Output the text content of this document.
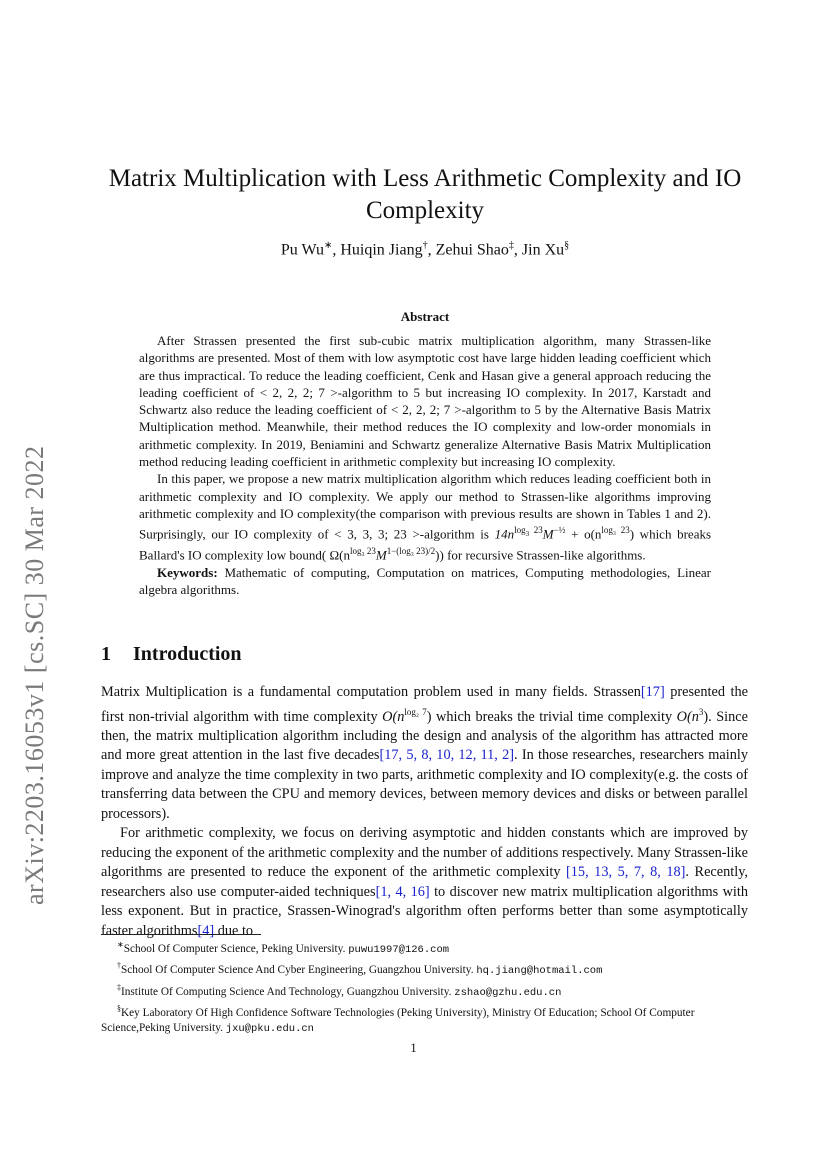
arXiv:2203.16053v1 [cs.SC] 30 Mar 2022
Matrix Multiplication with Less Arithmetic Complexity and IO Complexity
Pu Wu∗, Huiqin Jiang†, Zehui Shao‡, Jin Xu§
Abstract

After Strassen presented the first sub-cubic matrix multiplication algorithm, many Strassen-like algorithms are presented. Most of them with low asymptotic cost have large hidden leading coefficient which are thus impractical. To reduce the leading coefficient, Cenk and Hasan give a general approach reducing the leading coefficient of < 2, 2, 2; 7 >-algorithm to 5 but increasing IO complexity. In 2017, Karstadt and Schwartz also reduce the leading coefficient of < 2, 2, 2; 7 >-algorithm to 5 by the Alternative Basis Matrix Multiplication method. Meanwhile, their method reduces the IO complexity and low-order monomials in arithmetic complexity. In 2019, Beniamini and Schwartz generalize Alternative Basis Matrix Multiplication method reducing leading coefficient in arithmetic complexity but increasing IO complexity.

In this paper, we propose a new matrix multiplication algorithm which reduces leading coefficient both in arithmetic complexity and IO complexity. We apply our method to Strassen-like algorithms improving arithmetic complexity and IO complexity(the comparison with previous results are shown in Tables 1 and 2). Surprisingly, our IO complexity of < 3, 3, 3; 23 >-algorithm is $14n^{log_3 23}M^{-\frac{1}{2}} + o(n^{log_3 23})$ which breaks Ballard's IO complexity low bound( $\Omega(n^{log_3 23}M^{1-(log_3 23)/2})$) for recursive Strassen-like algorithms.

Keywords: Mathematic of computing, Computation on matrices, Computing methodologies, Linear algebra algorithms.

1 Introduction

Matrix Multiplication is a fundamental computation problem used in many fields. Strassen[17] presented the first non-trivial algorithm with time complexity $O(n^{log_2 7})$ which breaks the trivial time complexity $O(n^3)$. Since then, the matrix multiplication algorithm including the design and analysis of the algorithm has attracted more and more great attention in the last five decades[17, 5, 8, 10, 12, 11, 2]. In those researches, researchers mainly improve and analyze the time complexity in two parts, arithmetic complexity and IO complexity(e.g. the costs of transferring data between the CPU and memory devices, between memory devices and disks or between parallel processors).

For arithmetic complexity, we focus on deriving asymptotic and hidden constants which are improved by reducing the exponent of the arithmetic complexity and the number of additions respectively. Many Strassen-like algorithms are presented to reduce the exponent of the arithmetic complexity [15, 13, 5, 7, 8, 18]. Recently, researchers also use computer-aided techniques[1, 4, 16] to discover new matrix multiplication algorithms with less exponent. But in practice, Srassen-Winograd's algorithm often performs better than some asymptotically faster algorithms[4] due to

∗School Of Computer Science, Peking University. puwu1997@126.com
†School Of Computer Science And Cyber Engineering, Guangzhou University. hq.jiang@hotmail.com
‡Institute Of Computing Science And Technology, Guangzhou University. zshao@gzhu.edu.cn
§Key Laboratory Of High Confidence Software Technologies (Peking University), Ministry Of Education; School Of Computer Science,Peking University. jxu@pku.edu.cn
1
